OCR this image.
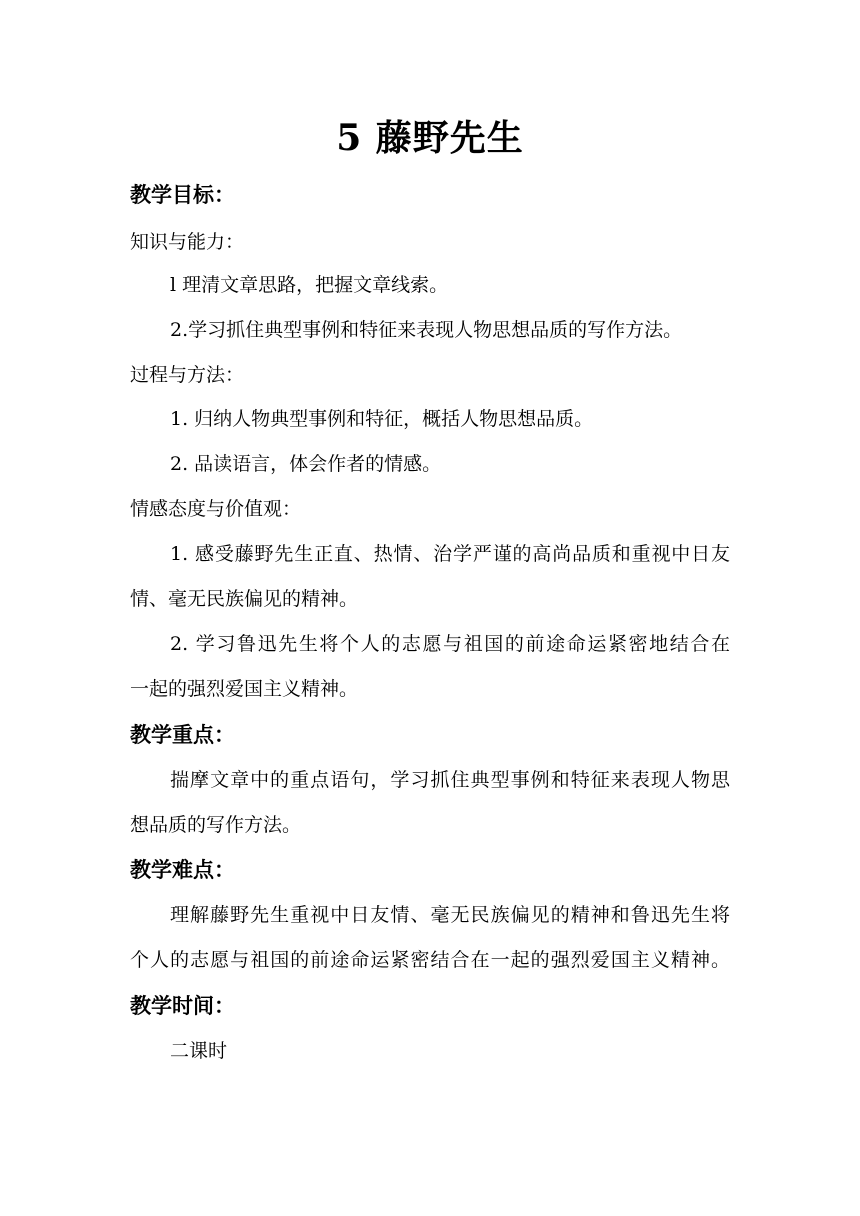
5 藤野先生
教学目标：
知识与能力：
l 理清文章思路，把握文章线索。
2.学习抓住典型事例和特征来表现人物思想品质的写作方法。
过程与方法：
1. 归纳人物典型事例和特征，概括人物思想品质。
2. 品读语言，体会作者的情感。
情感态度与价值观：
1. 感受藤野先生正直、热情、治学严谨的高尚品质和重视中日友
情、毫无民族偏见的精神。
2. 学习鲁迅先生将个人的志愿与祖国的前途命运紧密地结合在
一起的强烈爱国主义精神。
教学重点：
揣摩文章中的重点语句，学习抓住典型事例和特征来表现人物思
想品质的写作方法。
教学难点：
理解藤野先生重视中日友情、毫无民族偏见的精神和鲁迅先生将
个人的志愿与祖国的前途命运紧密结合在一起的强烈爱国主义精神。
教学时间：
二课时
